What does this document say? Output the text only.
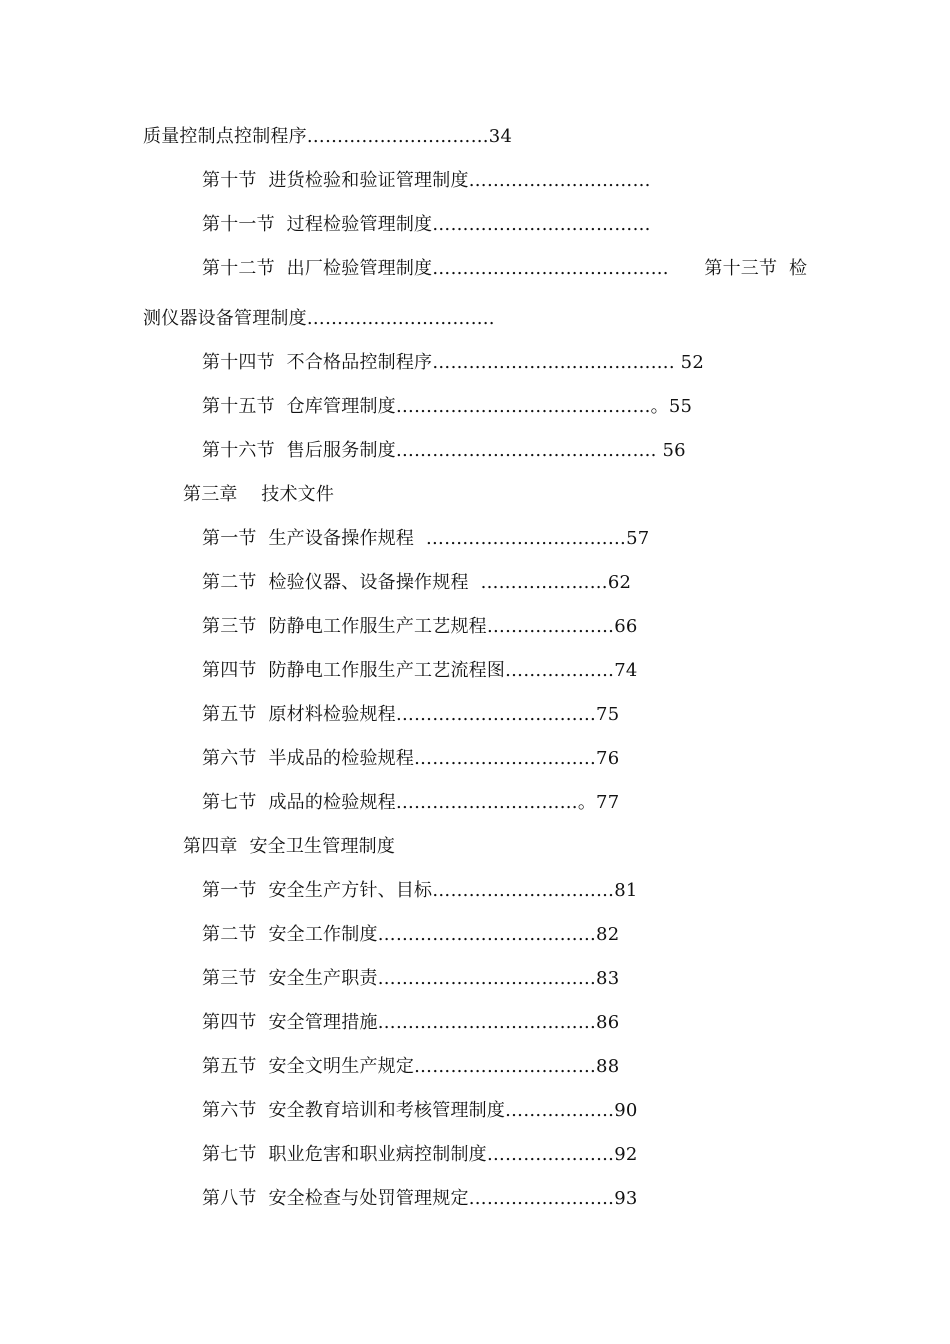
质量控制点控制程序…………………………34
第十节  进货检验和验证管理制度…………………………
第十一节  过程检验管理制度………………………………
第十二节  出厂检验管理制度…………………………………      第十三节  检
测仪器设备管理制度………………………….
第十四节  不合格品控制程序…………………………………. 52
第十五节  仓库管理制度……………………………………。55
第十六节  售后服务制度……………………………………. 56
第三章    技术文件
第一节  生产设备操作规程  ……………………………57
第二节  检验仪器、设备操作规程  …………………62
第三节  防静电工作服生产工艺规程…………………66
第四节  防静电工作服生产工艺流程图………………74
第五节  原材料检验规程……………………………75
第六节  半成品的检验规程…………………………76
第七节  成品的检验规程…………………………。77
第四章  安全卫生管理制度
第一节  安全生产方针、目标…………………………81
第二节  安全工作制度………………………………82
第三节  安全生产职责………………………………83
第四节  安全管理措施………………………………86
第五节  安全文明生产规定…………………………88
第六节  安全教育培训和考核管理制度………………90
第七节  职业危害和职业病控制制度…………………92
第八节  安全检查与处罚管理规定……………………93
